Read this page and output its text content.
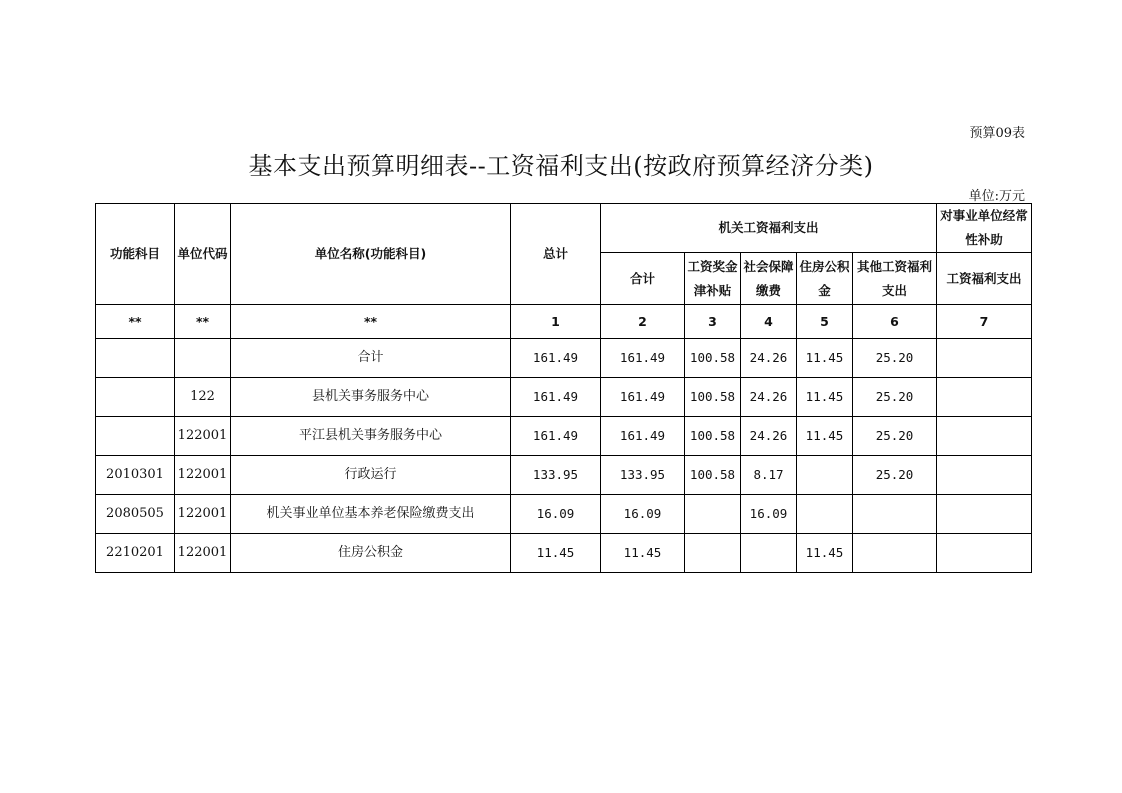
预算09表
基本支出预算明细表--工资福利支出(按政府预算经济分类)
单位:万元
功能科目	单位代码	单位名称(功能科目)	总计	机关工资福利支出					对事业单位经常性补助
				合计	工资奖金津补贴	社会保障缴费	住房公积金	其他工资福利支出	工资福利支出
**	**	**	1	2	3	4	5	6	7
		合计	161.49	161.49	100.58	24.26	11.45	25.20	
	122	县机关事务服务中心	161.49	161.49	100.58	24.26	11.45	25.20	
	122001	平江县机关事务服务中心	161.49	161.49	100.58	24.26	11.45	25.20	
2010301	122001	行政运行	133.95	133.95	100.58	8.17		25.20	
2080505	122001	机关事业单位基本养老保险缴费支出	16.09	16.09		16.09			
2210201	122001	住房公积金	11.45	11.45			11.45		
